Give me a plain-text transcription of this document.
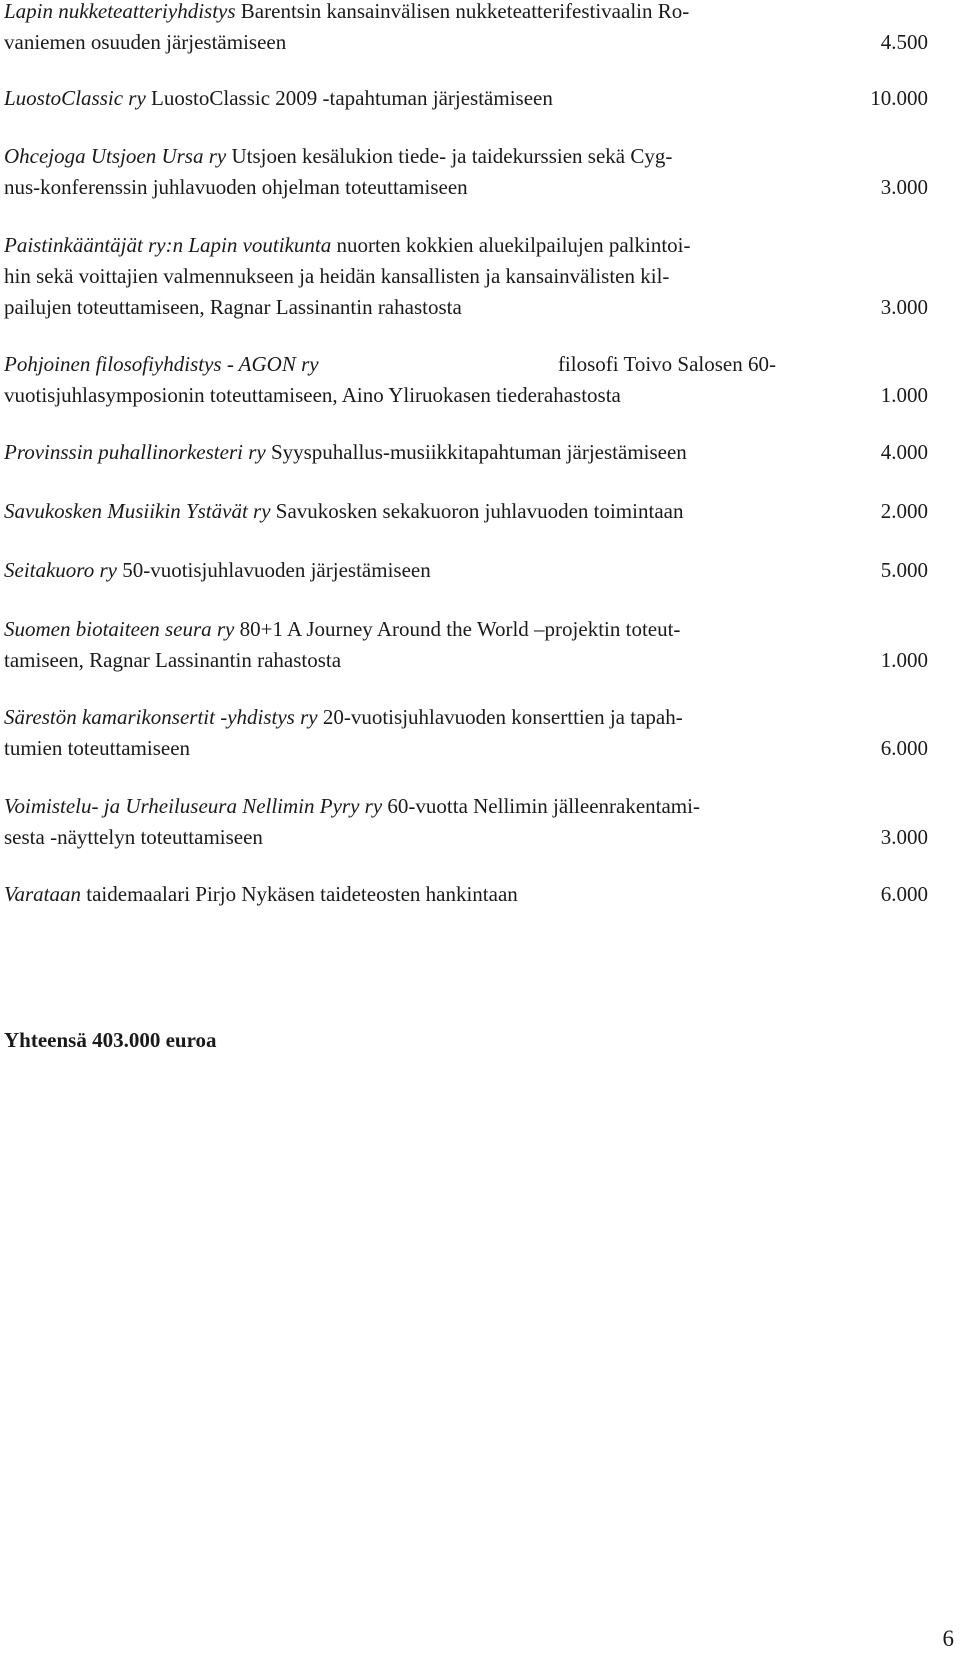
Lapin nukketeatteriyhdistys Barentsin kansainvälisen nukketeatterifestivaalin Ro-
vaniemen osuuden järjestämiseen	4.500
LuostoClassic ry LuostoClassic 2009 -tapahtuman järjestämiseen	10.000
Ohcejoga Utsjoen Ursa ry Utsjoen kesälukion tiede- ja taidekurssien sekä Cyg-
nus-konferenssin juhlavuoden ohjelman toteuttamiseen	3.000
Paistinkääntäjät ry:n Lapin voutikunta nuorten kokkien aluekilpailujen palkintoi-
hin sekä voittajien valmennukseen ja heidän kansallisten ja kansainvälisten kil-
pailujen toteuttamiseen, Ragnar Lassinantin rahastosta	3.000
Pohjoinen filosofiyhdistys - AGON ry	filosofi Toivo Salosen 60-
vuotisjuhlasymposionin toteuttamiseen, Aino Yliruokasen tiederahastosta	1.000
Provinssin puhallinorkesteri ry Syyspuhallus-musiikkitapahtuman järjestämiseen	4.000
Savukosken Musiikin Ystävät ry Savukosken sekakuoron juhlavuoden toimintaan	2.000
Seitakuoro ry 50-vuotisjuhlavuoden järjestämiseen	5.000
Suomen biotaiteen seura ry 80+1 A Journey Around the World –projektin toteut-
tamiseen, Ragnar Lassinantin rahastosta	1.000
Särestön kamarikonsertit -yhdistys ry 20-vuotisjuhlavuoden konserttien ja tapah-
tumien toteuttamiseen	6.000
Voimistelu- ja Urheiluseura Nellimin Pyry ry 60-vuotta Nellimin jälleenrakentami-
sesta -näyttelyn toteuttamiseen	3.000
Varataan taidemaalari Pirjo Nykäsen taideteosten hankintaan	6.000
Yhteensä 403.000 euroa
6
